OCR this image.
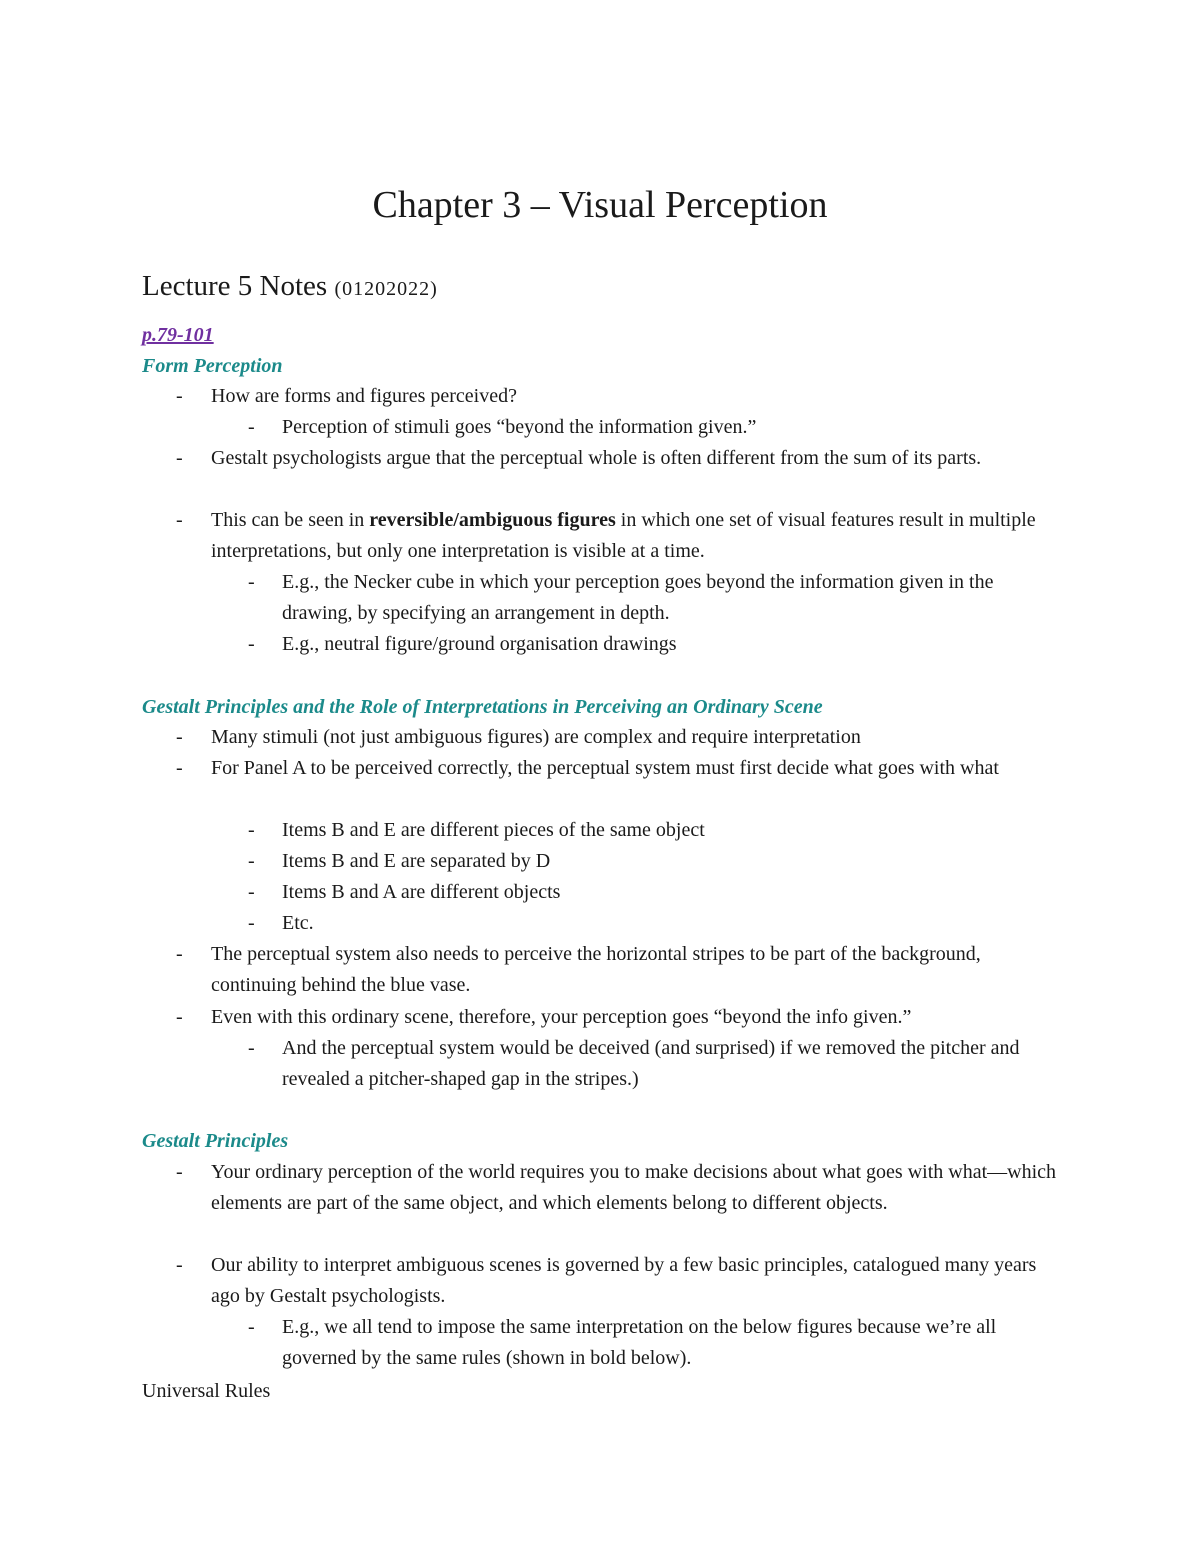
Chapter 3 – Visual Perception
Lecture 5 Notes (01202022)
p.79-101
Form Perception
- How are forms and figures perceived?
- Perception of stimuli goes “beyond the information given.”
- Gestalt psychologists argue that the perceptual whole is often different from the sum of its parts.
- This can be seen in reversible/ambiguous figures in which one set of visual features result in multiple interpretations, but only one interpretation is visible at a time.
- E.g., the Necker cube in which your perception goes beyond the information given in the drawing, by specifying an arrangement in depth.
- E.g., neutral figure/ground organisation drawings
Gestalt Principles and the Role of Interpretations in Perceiving an Ordinary Scene
- Many stimuli (not just ambiguous figures) are complex and require interpretation
- For Panel A to be perceived correctly, the perceptual system must first decide what goes with what
- Items B and E are different pieces of the same object
- Items B and E are separated by D
- Items B and A are different objects
- Etc.
- The perceptual system also needs to perceive the horizontal stripes to be part of the background, continuing behind the blue vase.
- Even with this ordinary scene, therefore, your perception goes “beyond the info given.”
- And the perceptual system would be deceived (and surprised) if we removed the pitcher and revealed a pitcher-shaped gap in the stripes.)
Gestalt Principles
- Your ordinary perception of the world requires you to make decisions about what goes with what—which elements are part of the same object, and which elements belong to different objects.
- Our ability to interpret ambiguous scenes is governed by a few basic principles, catalogued many years ago by Gestalt psychologists.
- E.g., we all tend to impose the same interpretation on the below figures because we’re all governed by the same rules (shown in bold below).
Universal Rules
